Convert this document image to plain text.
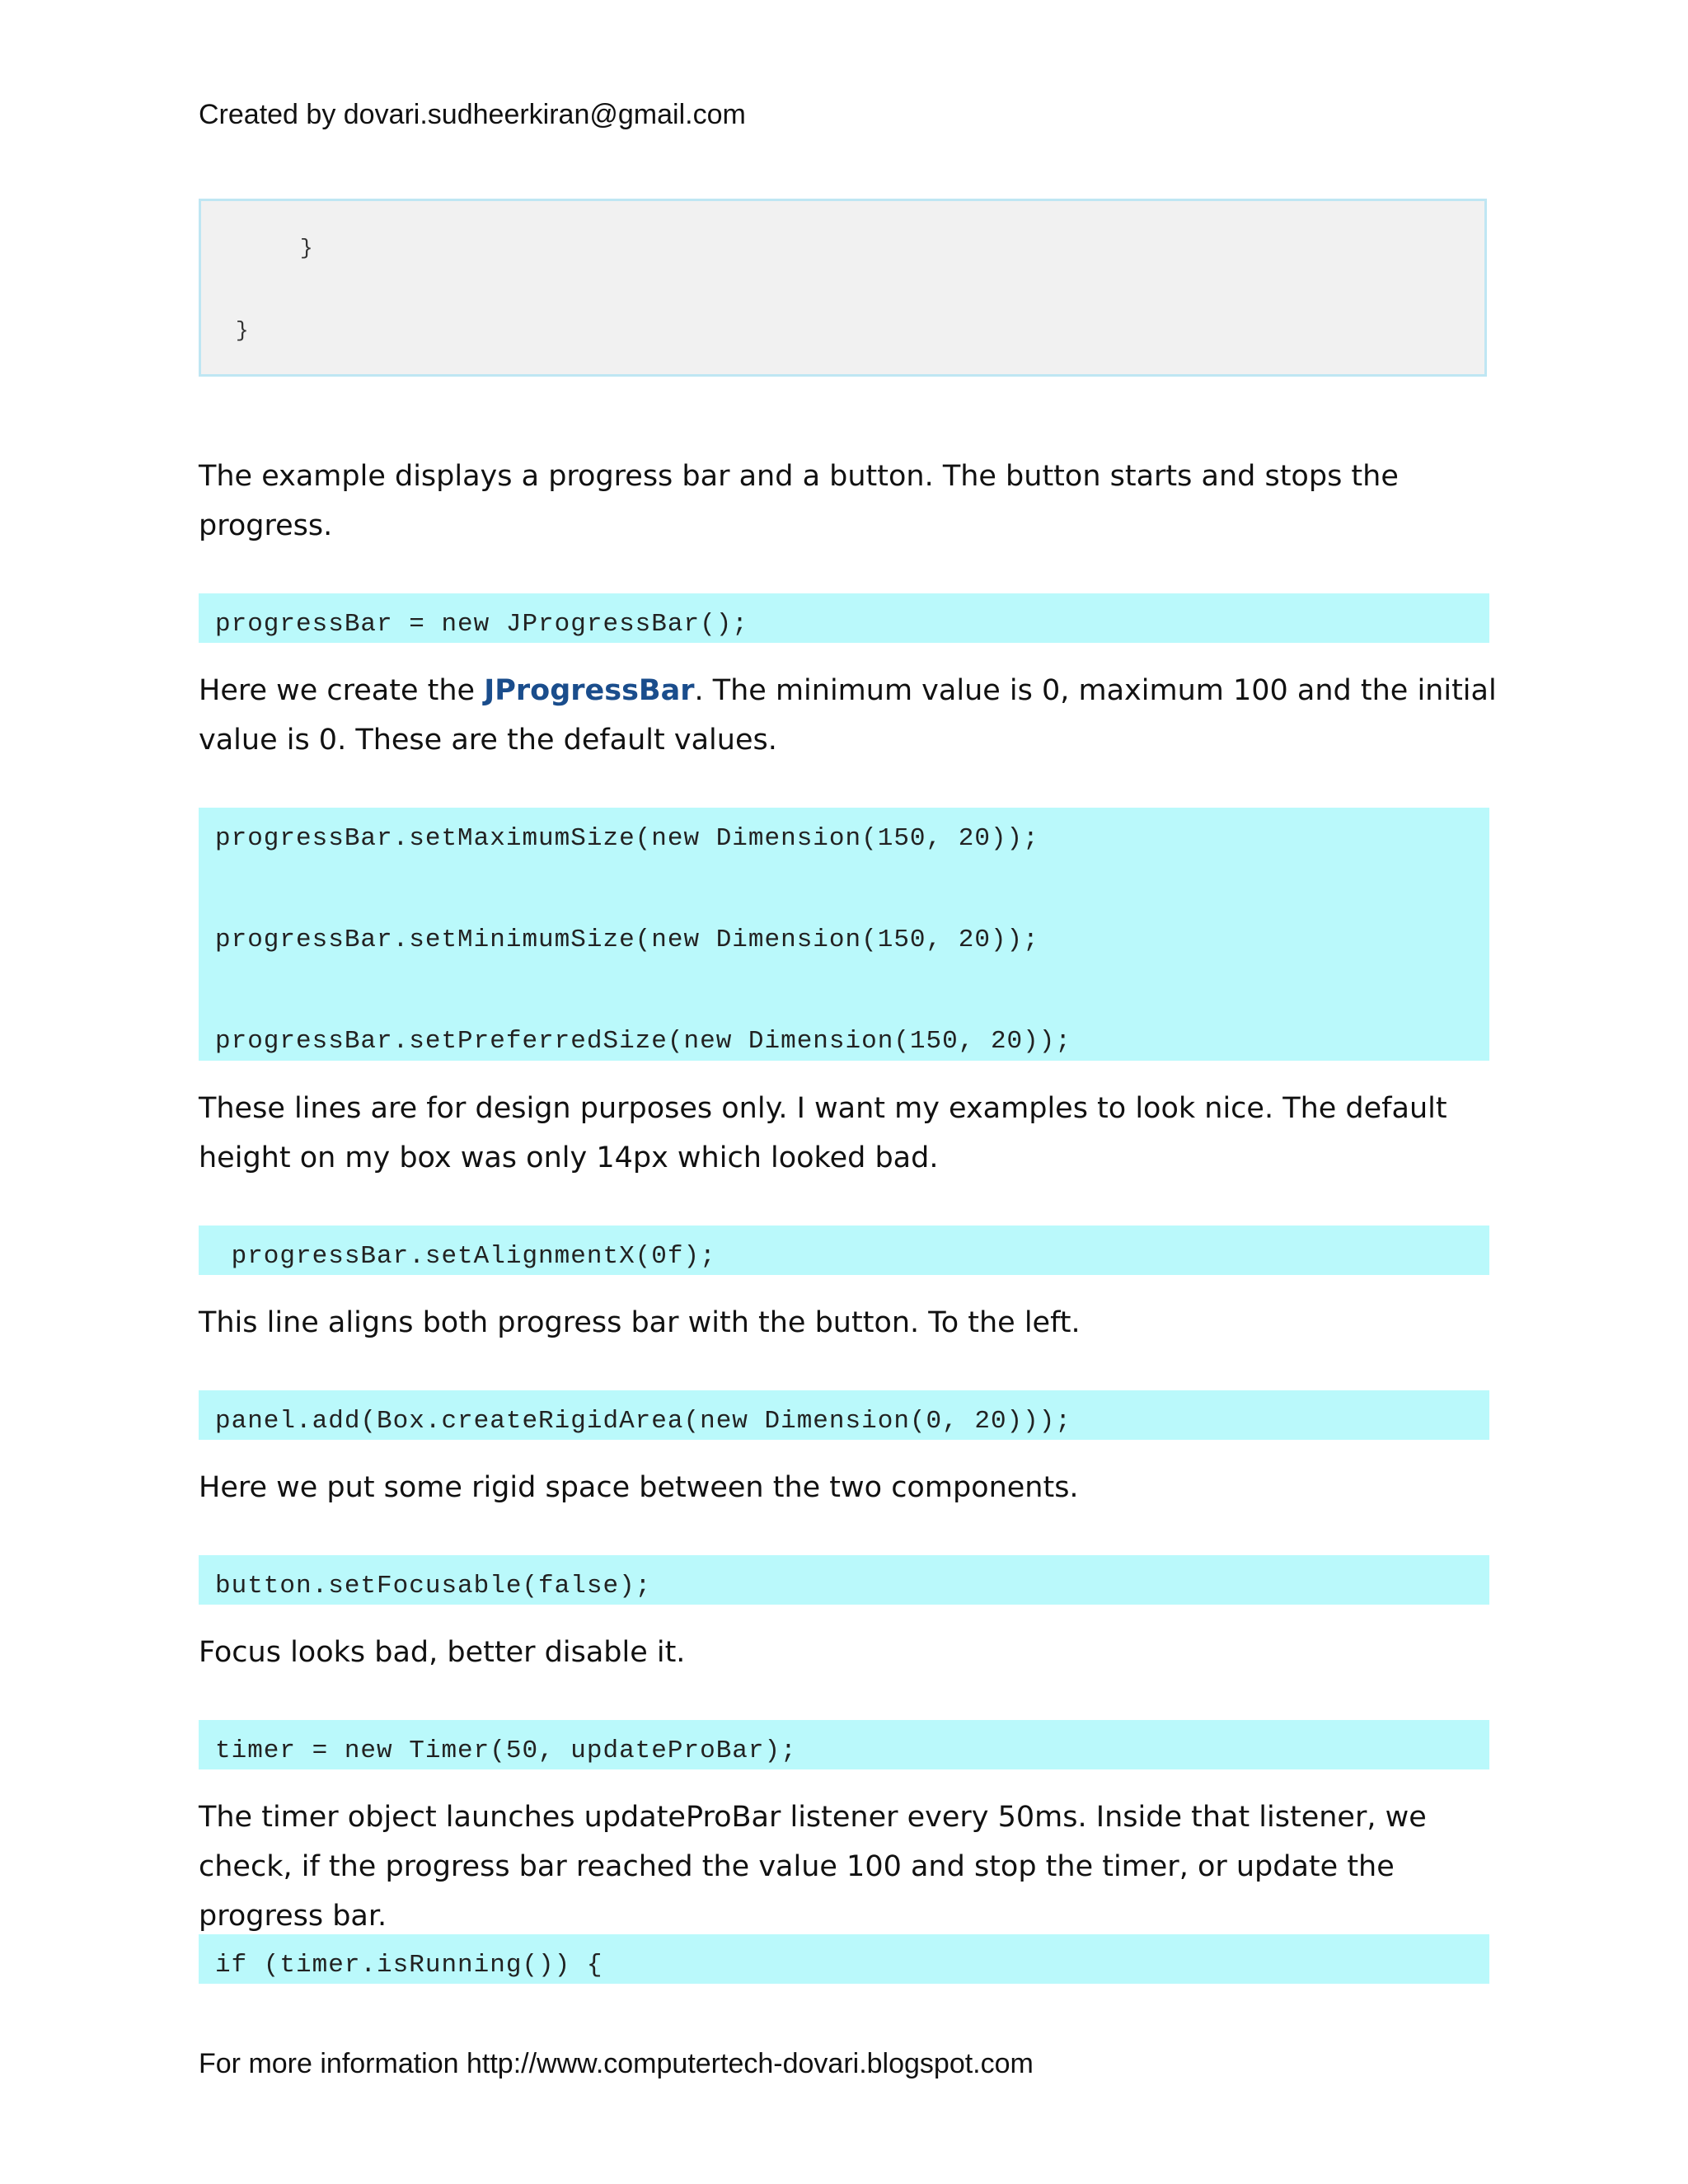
Created by dovari.sudheerkiran@gmail.com
}
}
The example displays a progress bar and a button. The button starts and stops the progress.
progressBar = new JProgressBar();
Here we create the JProgressBar. The minimum value is 0, maximum 100 and the initial value is 0. These are the default values.
progressBar.setMaximumSize(new Dimension(150, 20));
progressBar.setMinimumSize(new Dimension(150, 20));
progressBar.setPreferredSize(new Dimension(150, 20));
These lines are for design purposes only. I want my examples to look nice. The default height on my box was only 14px which looked bad.
progressBar.setAlignmentX(0f);
This line aligns both progress bar with the button. To the left.
panel.add(Box.createRigidArea(new Dimension(0, 20)));
Here we put some rigid space between the two components.
button.setFocusable(false);
Focus looks bad, better disable it.
timer = new Timer(50, updateProBar);
The timer object launches updateProBar listener every 50ms. Inside that listener, we check, if the progress bar reached the value 100 and stop the timer, or update the progress bar.
if (timer.isRunning()) {
For more information http://www.computertech-dovari.blogspot.com
